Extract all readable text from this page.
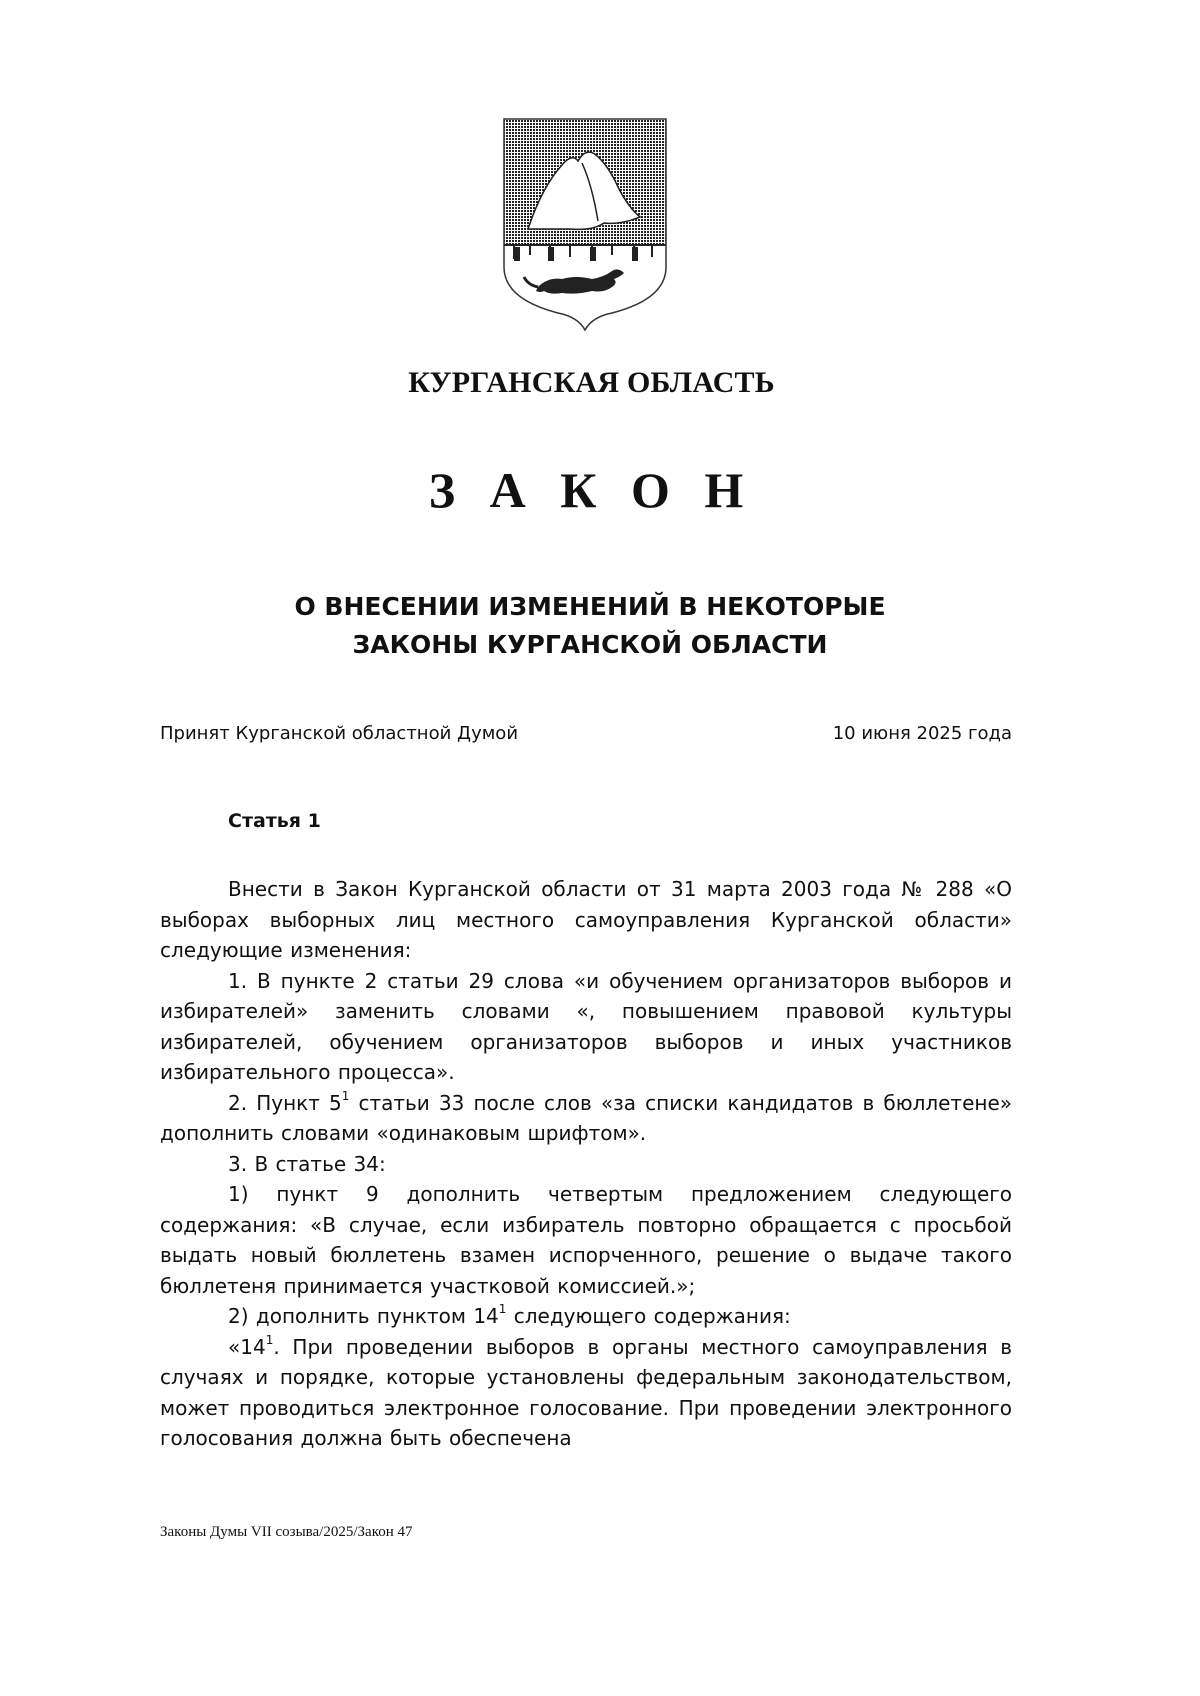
КУРГАНСКАЯ ОБЛАСТЬ
З А К О Н
О ВНЕСЕНИИ ИЗМЕНЕНИЙ В НЕКОТОРЫЕ
ЗАКОНЫ КУРГАНСКОЙ ОБЛАСТИ
Принят Курганской областной Думой	10 июня 2025 года
Статья 1

Внести в Закон Курганской области от 31 марта 2003 года № 288 «О выборах выборных лиц местного самоуправления Курганской области» следующие изменения:

1. В пункте 2 статьи 29 слова «и обучением организаторов выборов и избирателей» заменить словами «, повышением правовой культуры избирателей, обучением организаторов выборов и иных участников избирательного процесса».

2. Пункт $5^1$ статьи 33 после слов «за списки кандидатов в бюллетене» дополнить словами «одинаковым шрифтом».

3. В статье 34:

1) пункт 9 дополнить четвертым предложением следующего содержания: «В случае, если избиратель повторно обращается с просьбой выдать новый бюллетень взамен испорченного, решение о выдаче такого бюллетеня принимается участковой комиссией.»;

2) дополнить пунктом $14^1$ следующего содержания:

«$14^1$. При проведении выборов в органы местного самоуправления в случаях и порядке, которые установлены федеральным законодательством, может проводиться электронное голосование. При проведении электронного голосования должна быть обеспечена

Законы Думы VII созыва/2025/Закон 47
